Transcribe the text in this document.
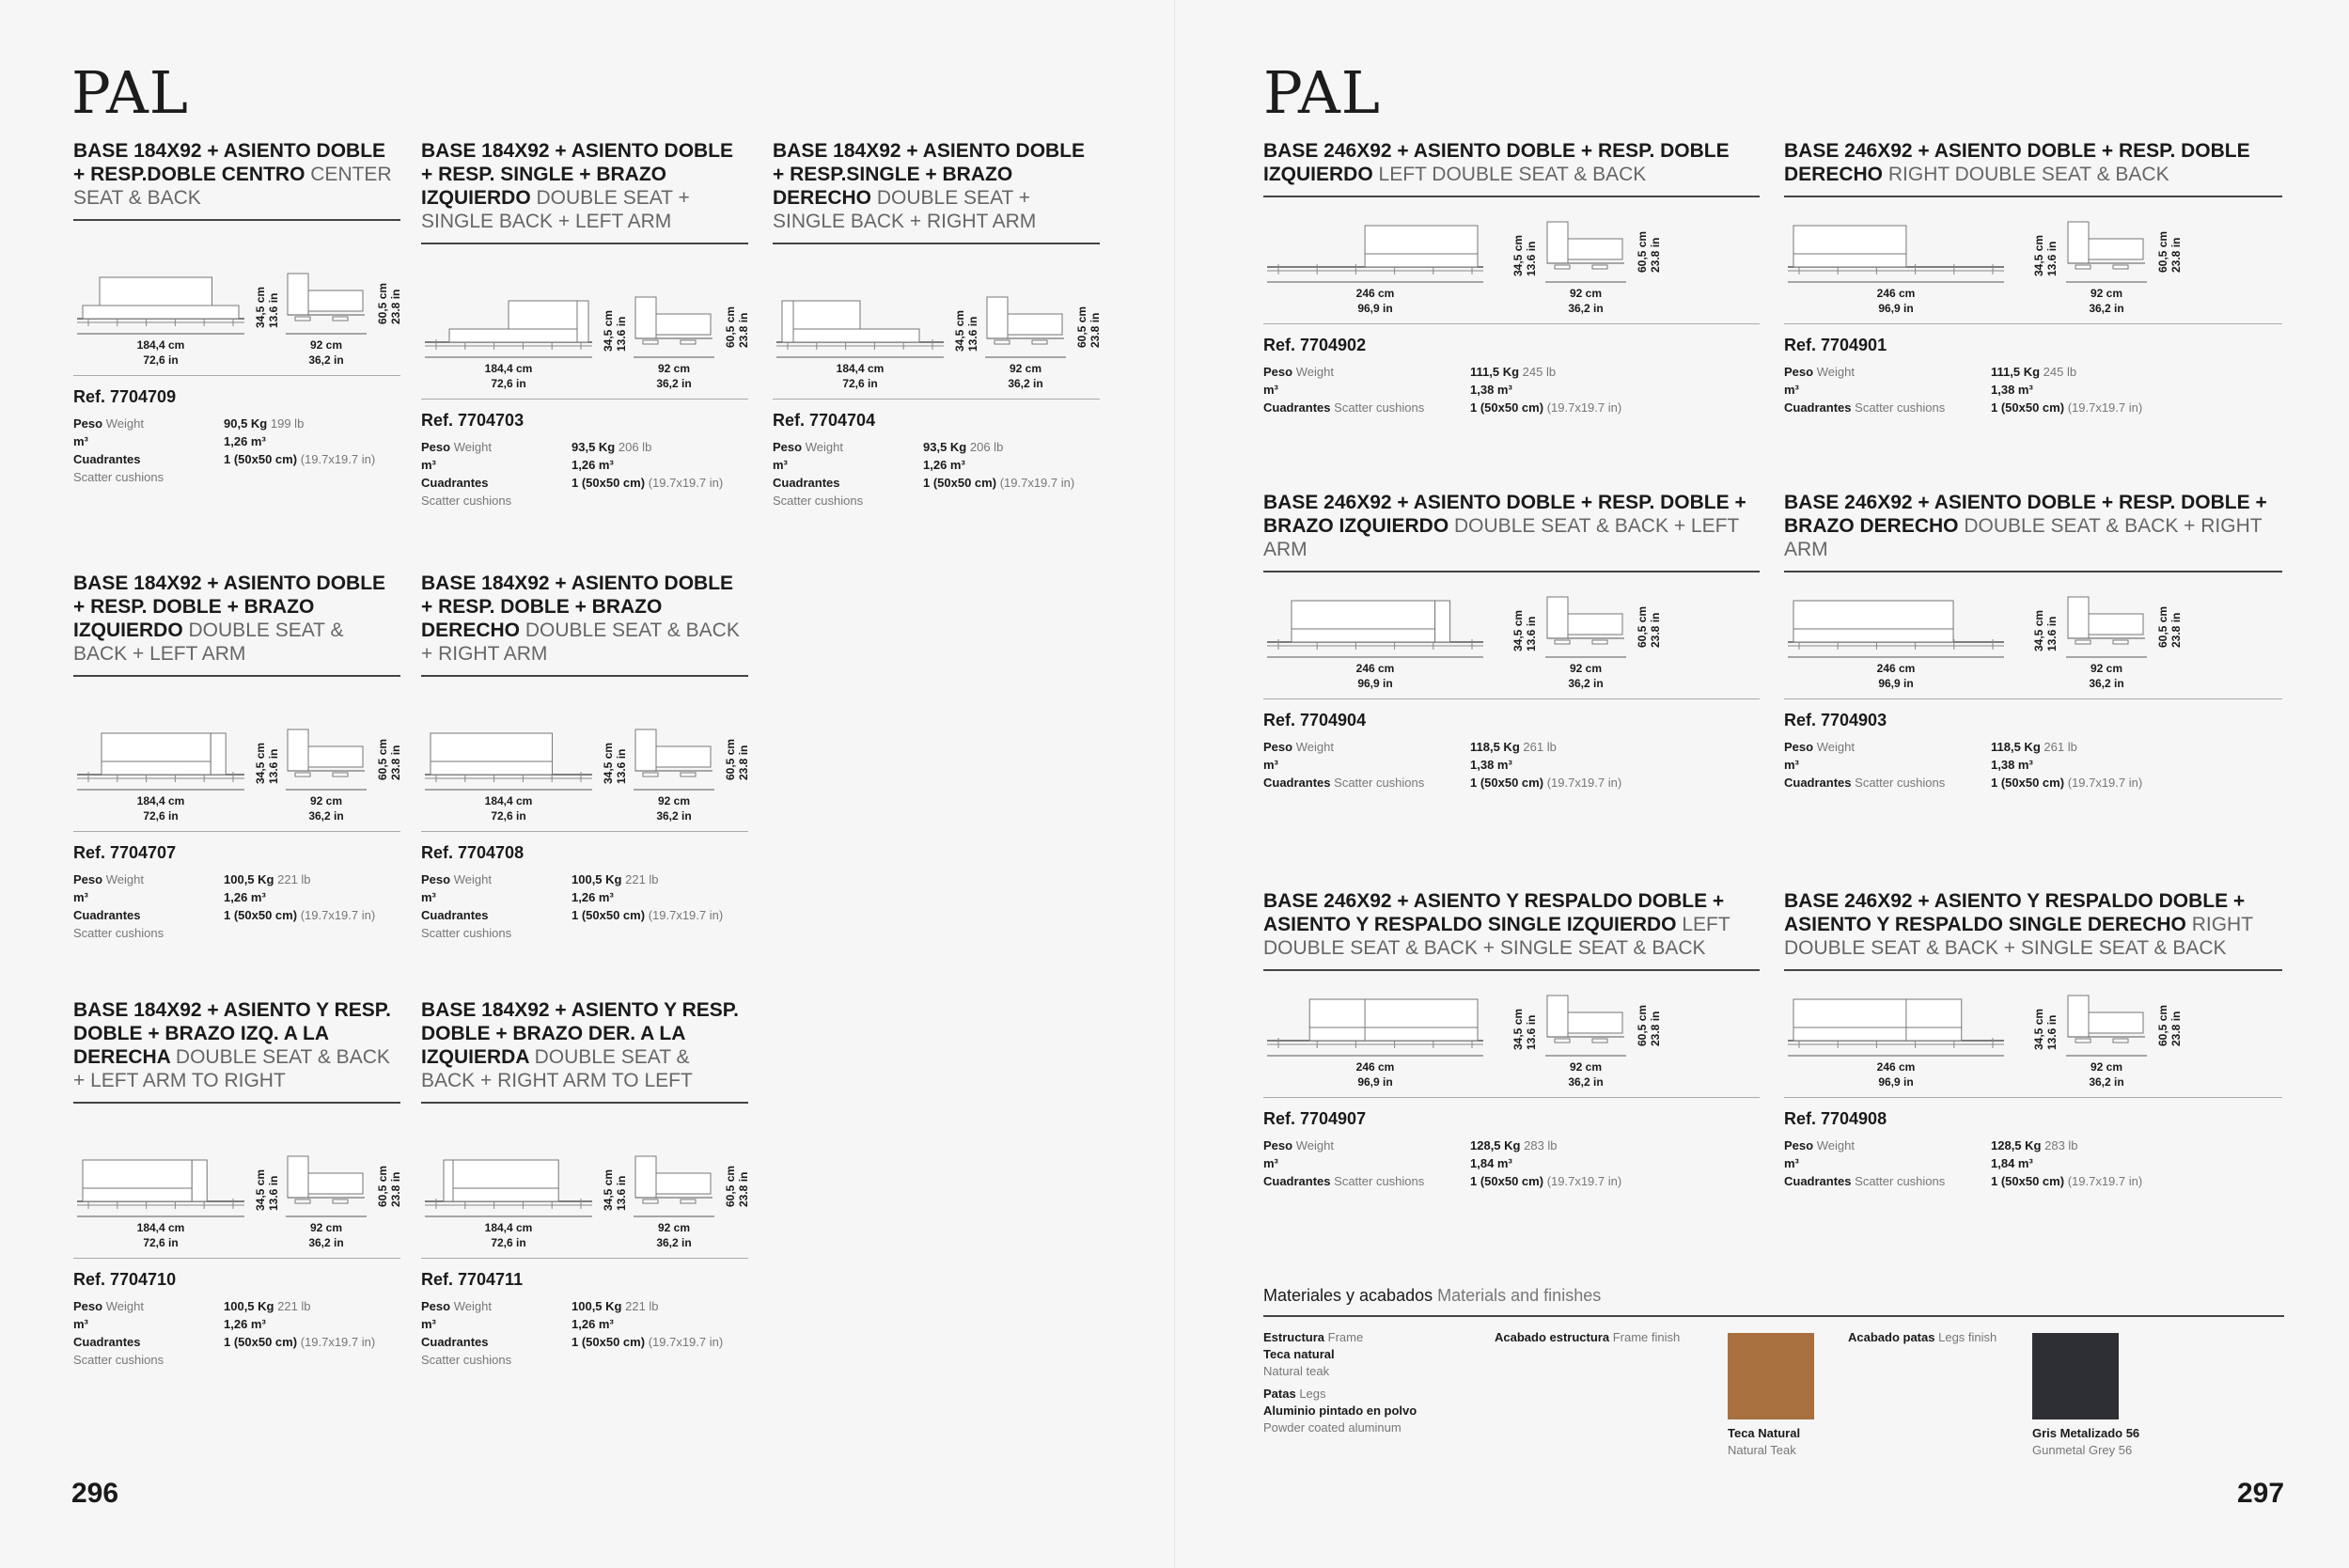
PAL
296
PAL
297
BASE 184X92 + ASIENTO DOBLE + RESP.DOBLE CENTRO CENTER SEAT & BACK
184,4 cm
72,6 in
92 cm
36,2 in
34,5 cm
13.6 in	60,5 cm
23.8 in
Ref. 7704709
Peso Weight	90,5 Kg 199 lb
m³	1,26 m³
Cuadrantes	1 (50x50 cm) (19.7x19.7 in)
Scatter cushions
BASE 184X92 + ASIENTO DOBLE + RESP. SINGLE + BRAZO IZQUIERDO DOUBLE SEAT + SINGLE BACK + LEFT ARM
184,4 cm
72,6 in
92 cm
36,2 in
34,5 cm
13.6 in	60,5 cm
23.8 in
Ref. 7704703
Peso Weight	93,5 Kg 206 lb
m³	1,26 m³
Cuadrantes	1 (50x50 cm) (19.7x19.7 in)
Scatter cushions
BASE 184X92 + ASIENTO DOBLE + RESP.SINGLE + BRAZO DERECHO DOUBLE SEAT + SINGLE BACK + RIGHT ARM
184,4 cm
72,6 in
92 cm
36,2 in
34,5 cm
13.6 in	60,5 cm
23.8 in
Ref. 7704704
Peso Weight	93,5 Kg 206 lb
m³	1,26 m³
Cuadrantes	1 (50x50 cm) (19.7x19.7 in)
Scatter cushions
BASE 184X92 + ASIENTO DOBLE + RESP. DOBLE + BRAZO IZQUIERDO DOUBLE SEAT & BACK + LEFT ARM
184,4 cm
72,6 in
92 cm
36,2 in
34,5 cm
13.6 in	60,5 cm
23.8 in
Ref. 7704707
Peso Weight	100,5 Kg 221 lb
m³	1,26 m³
Cuadrantes	1 (50x50 cm) (19.7x19.7 in)
Scatter cushions
BASE 184X92 + ASIENTO DOBLE + RESP. DOBLE + BRAZO DERECHO DOUBLE SEAT & BACK + RIGHT ARM
184,4 cm
72,6 in
92 cm
36,2 in
34,5 cm
13.6 in	60,5 cm
23.8 in
Ref. 7704708
Peso Weight	100,5 Kg 221 lb
m³	1,26 m³
Cuadrantes	1 (50x50 cm) (19.7x19.7 in)
Scatter cushions
BASE 184X92 + ASIENTO Y RESP. DOBLE + BRAZO IZQ. A LA DERECHA DOUBLE SEAT & BACK + LEFT ARM TO RIGHT
184,4 cm
72,6 in
92 cm
36,2 in
34,5 cm
13.6 in	60,5 cm
23.8 in
Ref. 7704710
Peso Weight	100,5 Kg 221 lb
m³	1,26 m³
Cuadrantes	1 (50x50 cm) (19.7x19.7 in)
Scatter cushions
BASE 184X92 + ASIENTO Y RESP. DOBLE + BRAZO DER. A LA IZQUIERDA DOUBLE SEAT & BACK + RIGHT ARM TO LEFT
184,4 cm
72,6 in
92 cm
36,2 in
34,5 cm
13.6 in	60,5 cm
23.8 in
Ref. 7704711
Peso Weight	100,5 Kg 221 lb
m³	1,26 m³
Cuadrantes	1 (50x50 cm) (19.7x19.7 in)
Scatter cushions
BASE 246X92 + ASIENTO DOBLE + RESP. DOBLE IZQUIERDO LEFT DOUBLE SEAT & BACK
246 cm
96,9 in
92 cm
36,2 in
34,5 cm
13.6 in	60,5 cm
23.8 in
Ref. 7704902
Peso Weight	111,5 Kg 245 lb
m³	1,38 m³
Cuadrantes Scatter cushions	1 (50x50 cm) (19.7x19.7 in)
BASE 246X92 + ASIENTO DOBLE + RESP. DOBLE DERECHO RIGHT DOUBLE SEAT & BACK
246 cm
96,9 in
92 cm
36,2 in
34,5 cm
13.6 in	60,5 cm
23.8 in
Ref. 7704901
Peso Weight	111,5 Kg 245 lb
m³	1,38 m³
Cuadrantes Scatter cushions	1 (50x50 cm) (19.7x19.7 in)
BASE 246X92 + ASIENTO DOBLE + RESP. DOBLE + BRAZO IZQUIERDO DOUBLE SEAT & BACK + LEFT ARM
246 cm
96,9 in
92 cm
36,2 in
34,5 cm
13.6 in	60,5 cm
23.8 in
Ref. 7704904
Peso Weight	118,5 Kg 261 lb
m³	1,38 m³
Cuadrantes Scatter cushions	1 (50x50 cm) (19.7x19.7 in)
BASE 246X92 + ASIENTO DOBLE + RESP. DOBLE + BRAZO DERECHO DOUBLE SEAT & BACK + RIGHT ARM
246 cm
96,9 in
92 cm
36,2 in
34,5 cm
13.6 in	60,5 cm
23.8 in
Ref. 7704903
Peso Weight	118,5 Kg 261 lb
m³	1,38 m³
Cuadrantes Scatter cushions	1 (50x50 cm) (19.7x19.7 in)
BASE 246X92 + ASIENTO Y RESPALDO DOBLE + ASIENTO Y RESPALDO SINGLE IZQUIERDO LEFT DOUBLE SEAT & BACK + SINGLE SEAT & BACK
246 cm
96,9 in
92 cm
36,2 in
34,5 cm
13.6 in	60,5 cm
23.8 in
Ref. 7704907
Peso Weight	128,5 Kg 283 lb
m³	1,84 m³
Cuadrantes Scatter cushions	1 (50x50 cm) (19.7x19.7 in)
BASE 246X92 + ASIENTO Y RESPALDO DOBLE + ASIENTO Y RESPALDO SINGLE DERECHO RIGHT DOUBLE SEAT & BACK + SINGLE SEAT & BACK
246 cm
96,9 in
92 cm
36,2 in
34,5 cm
13.6 in	60,5 cm
23.8 in
Ref. 7704908
Peso Weight	128,5 Kg 283 lb
m³	1,84 m³
Cuadrantes Scatter cushions	1 (50x50 cm) (19.7x19.7 in)
Materiales y acabados Materials and finishes
Estructura Frame
Teca natural
Natural teak
Patas Legs
Aluminio pintado en polvo
Powder coated aluminum
Acabado estructura Frame finish
Teca Natural
Natural Teak
Acabado patas Legs finish
Gris Metalizado 56
Gunmetal Grey 56
